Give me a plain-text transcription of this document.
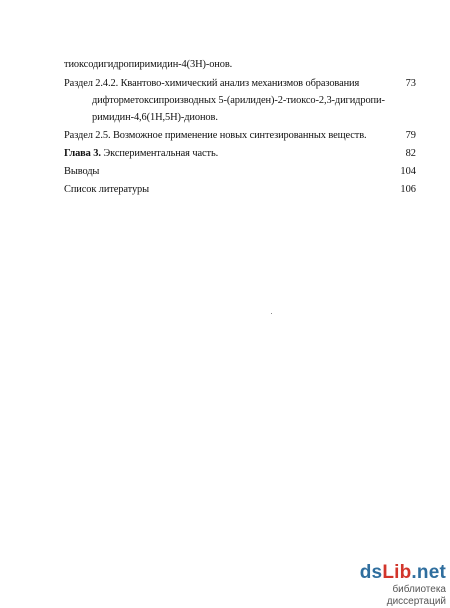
тиоксодигидропиримидин-4(3Н)-онов.
Раздел 2.4.2. Квантово-химический анализ механизмов образования	73
дифторметоксипроизводных 5-(арилиден)-2-тиоксо-2,3-дигидропи-
римидин-4,6(1Н,5Н)-дионов.
Раздел 2.5. Возможное применение новых синтезированных веществ.	79
Глава 3. Экспериментальная часть.	82
Выводы	104
Список литературы	106
dsLib.net
библиотека диссертаций
